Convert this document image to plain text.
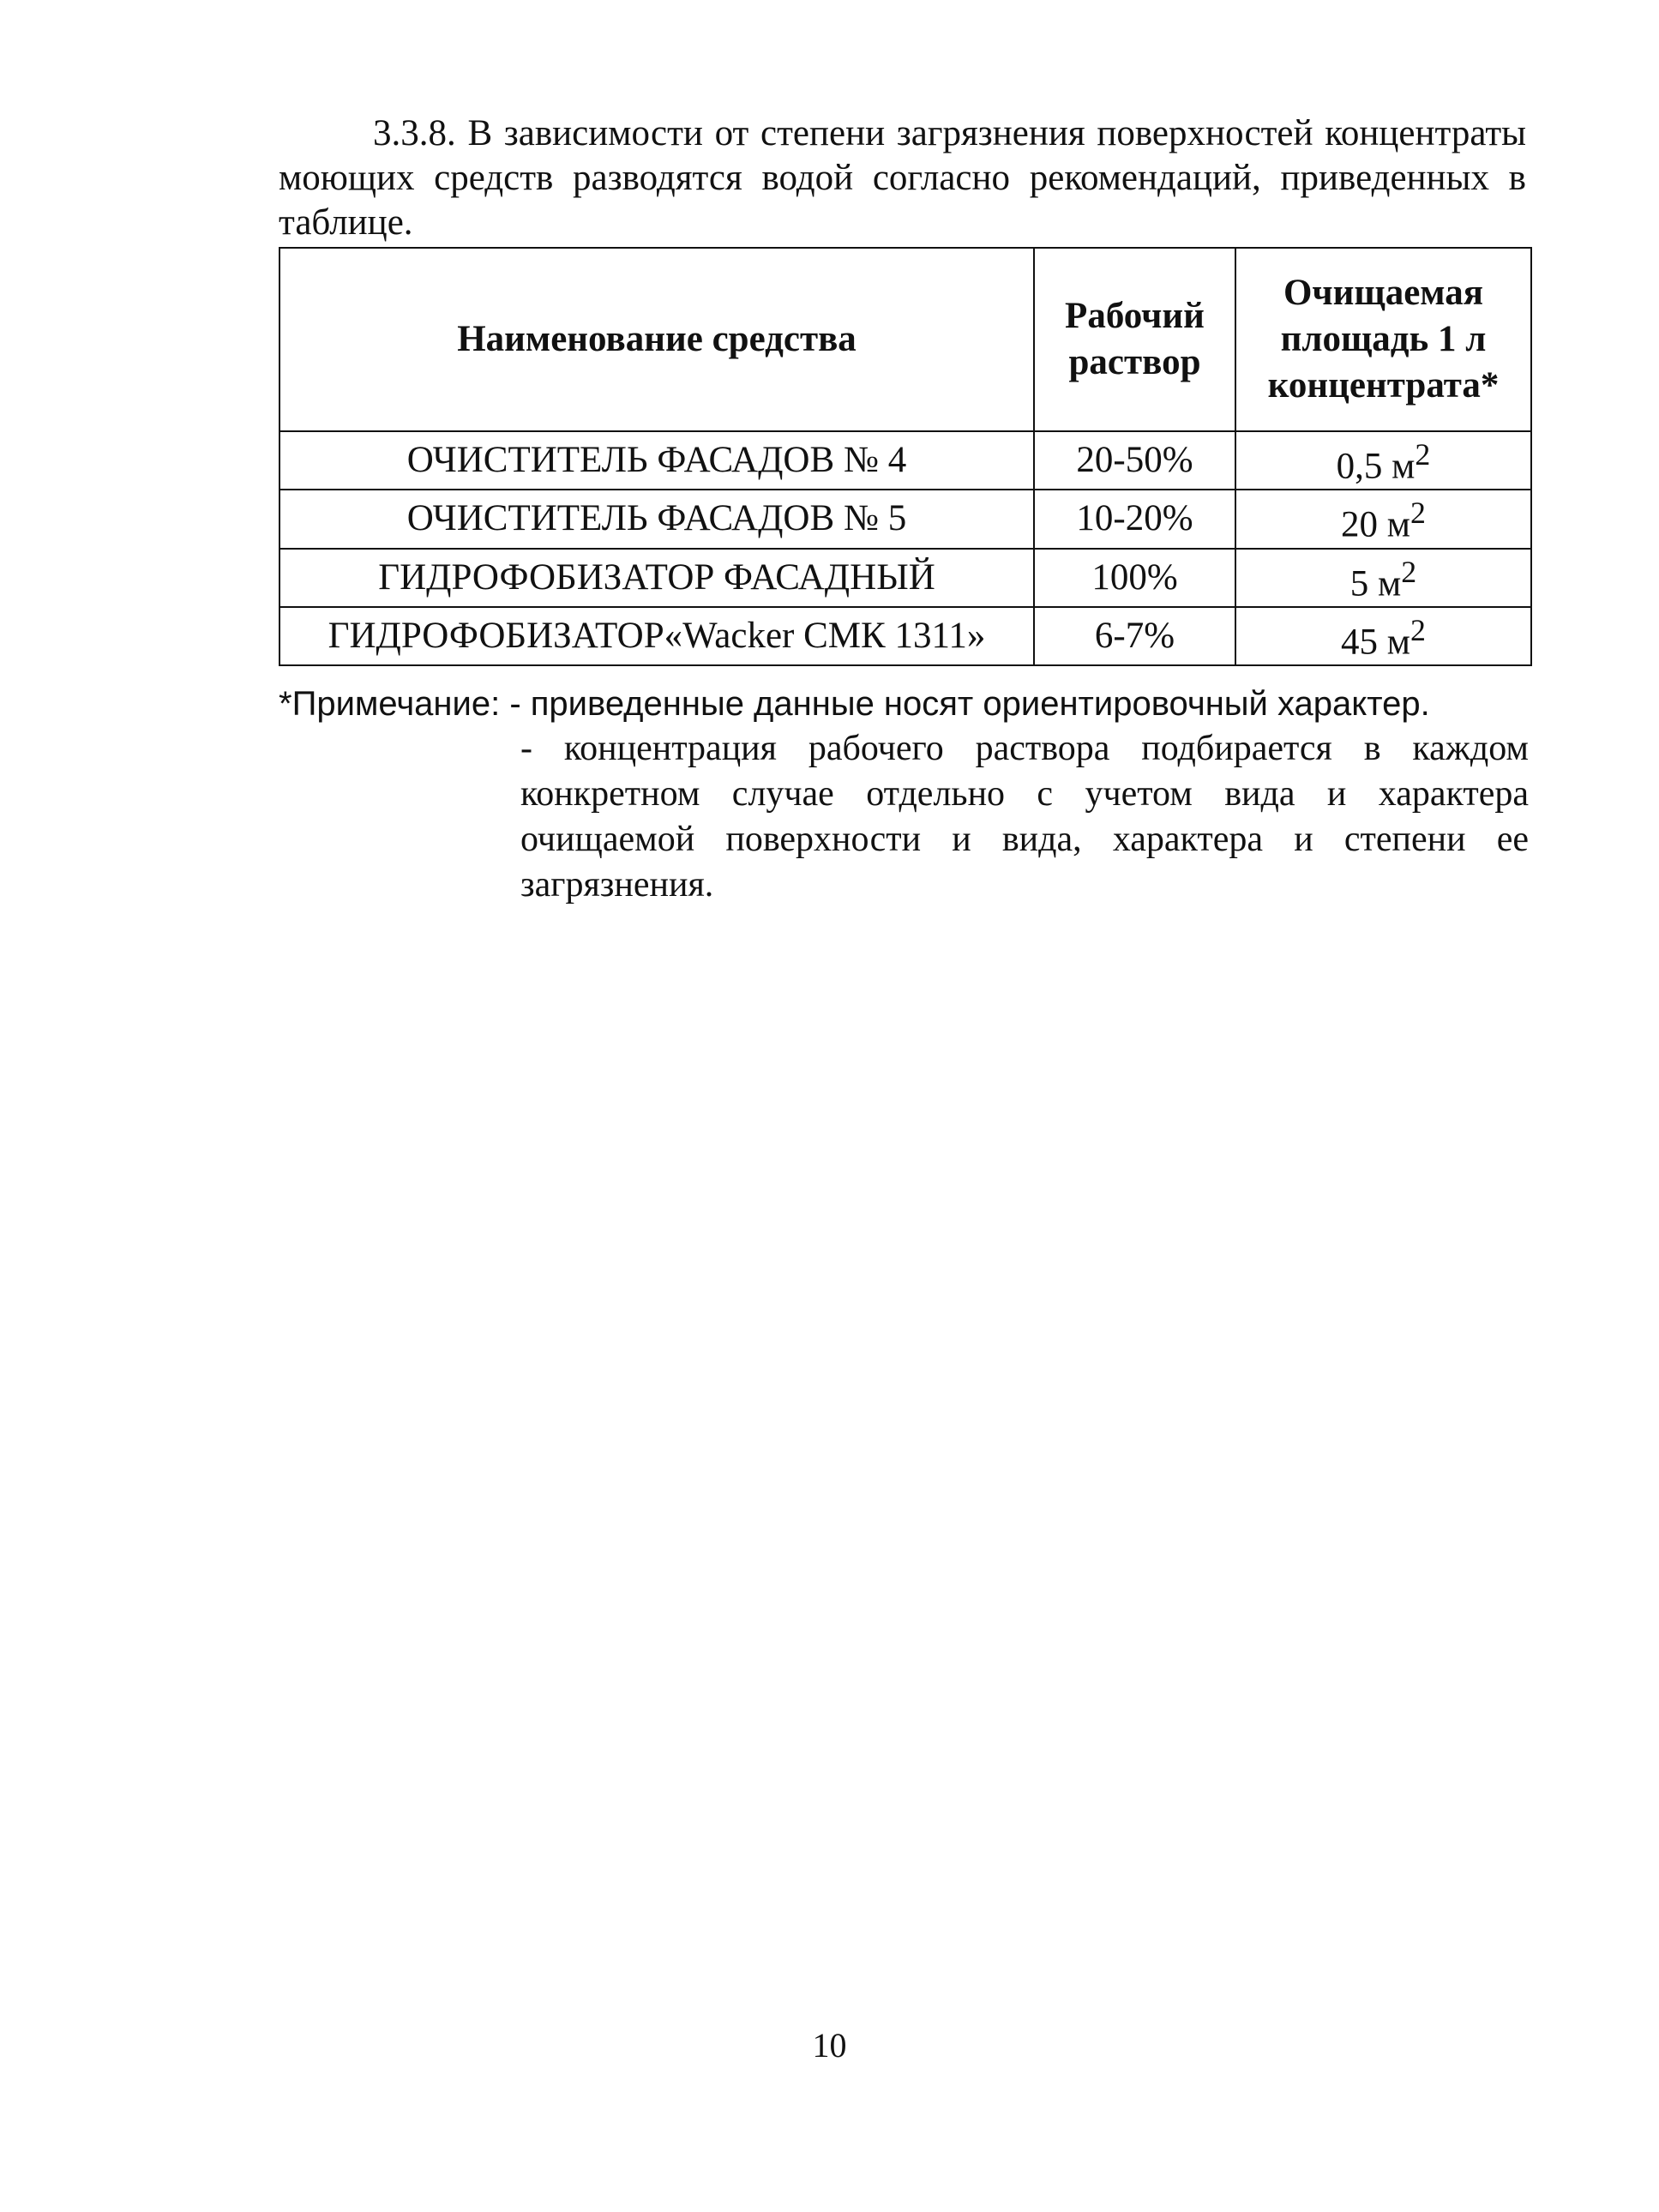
3.3.8. В зависимости от степени загрязнения поверхностей концентраты моющих средств разводятся водой согласно рекомендаций, приведенных в таблице.

Наименование средства	Рабочий раствор	Очищаемая площадь 1 л концентрата*
ОЧИСТИТЕЛЬ ФАСАДОВ № 4	20-50%	0,5 $м^2$
ОЧИСТИТЕЛЬ ФАСАДОВ № 5	10-20%	20 $м^2$
ГИДРОФОБИЗАТОР ФАСАДНЫЙ	100%	5 $м^2$
ГИДРОФОБИЗАТОР«Wacker СМК 1311»	6-7%	45 $м^2$

*Примечание: - приведенные данные носят ориентировочный характер.

- концентрация рабочего раствора подбирается в каждом конкретном случае отдельно с учетом вида и характера очищаемой поверхности и вида, характера и степени ее загрязнения.

10
